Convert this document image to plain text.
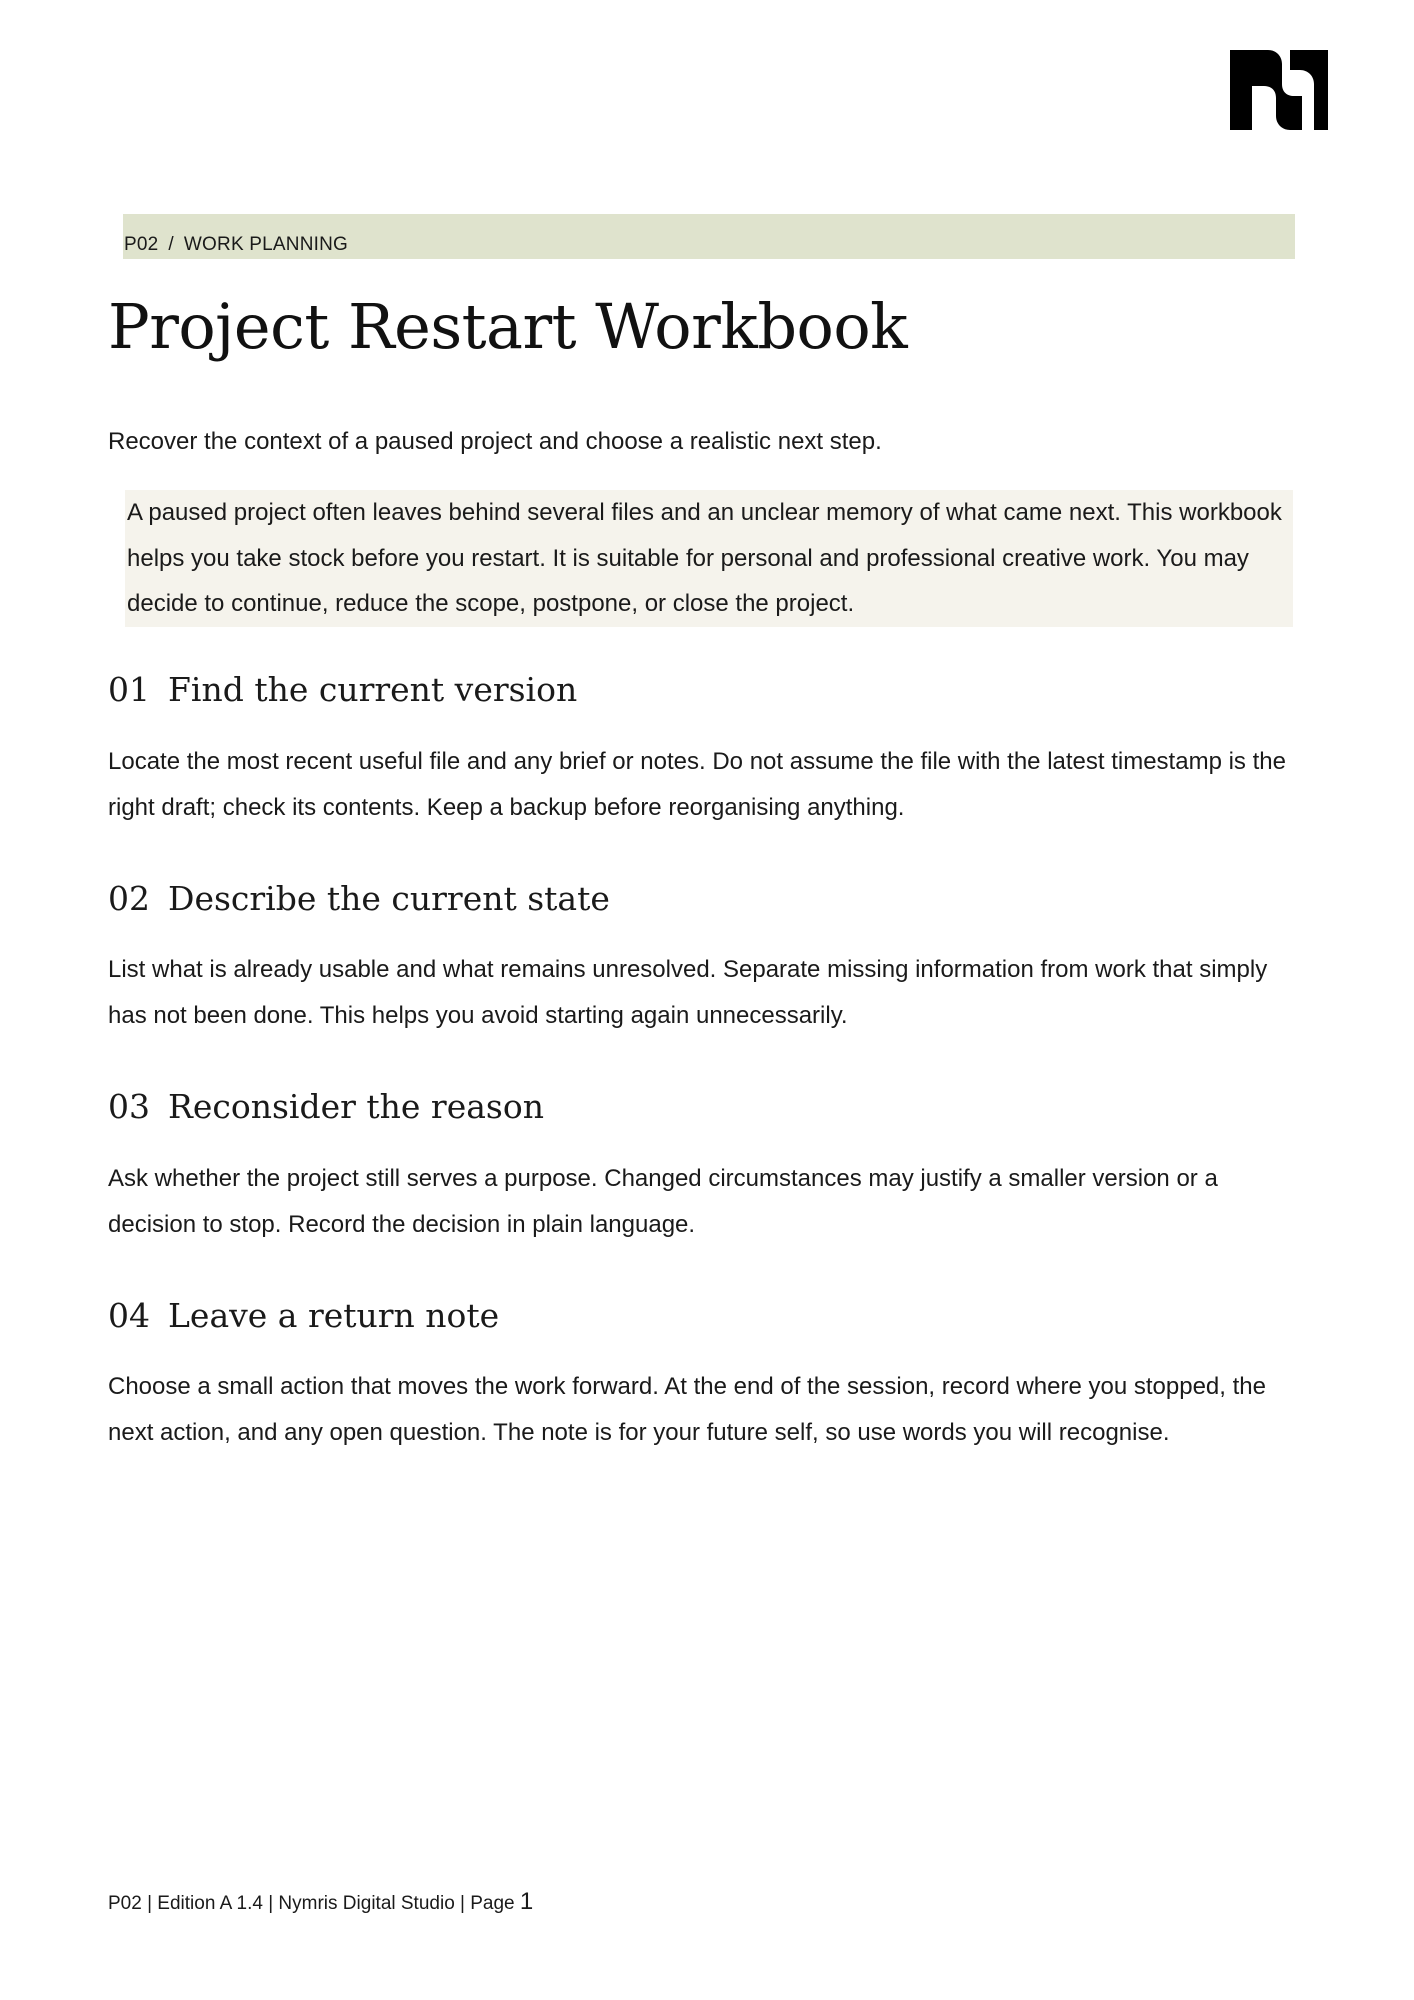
P02 / WORK PLANNING
Project Restart Workbook

Recover the context of a paused project and choose a realistic next step.

A paused project often leaves behind several files and an unclear memory of what came next. This workbook helps you take stock before you restart. It is suitable for personal and professional creative work. You may decide to continue, reduce the scope, postpone, or close the project.
01 Find the current version

Locate the most recent useful file and any brief or notes. Do not assume the file with the latest timestamp is the right draft; check its contents. Keep a backup before reorganising anything.

02 Describe the current state

List what is already usable and what remains unresolved. Separate missing information from work that simply has not been done. This helps you avoid starting again unnecessarily.

03 Reconsider the reason

Ask whether the project still serves a purpose. Changed circumstances may justify a smaller version or a decision to stop. Record the decision in plain language.

04 Leave a return note

Choose a small action that moves the work forward. At the end of the session, record where you stopped, the next action, and any open question. The note is for your future self, so use words you will recognise.

P02 | Edition A 1.4 | Nymris Digital Studio | Page 1
